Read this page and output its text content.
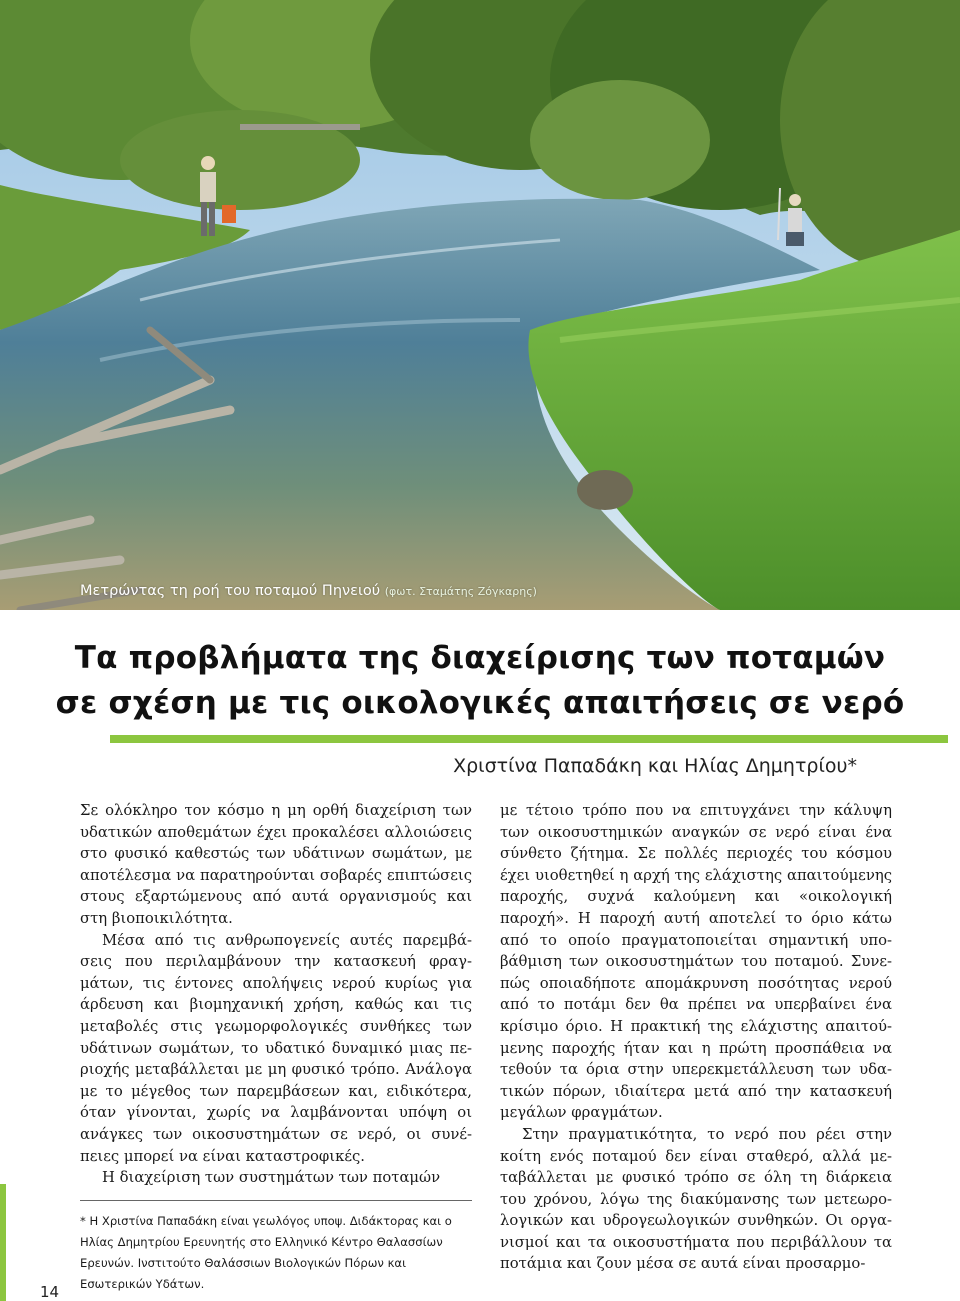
Μετρώντας τη ροή του ποταμού Πηνειού (φωτ. Σταμάτης Ζόγκαρης)
Τα προβλήματα της διαχείρισης των ποταμών
σε σχέση με τις οικολογικές απαιτήσεις σε νερό
Χριστίνα Παπαδάκη και Ηλίας Δημητρίου*

Σε ολόκληρο τον κόσμο η μη ορθή διαχείριση των υδατικών αποθεμάτων έχει προκαλέσει αλλοιώσεις στο φυσικό καθεστώς των υδάτινων σωμάτων, με αποτέλεσμα να παρατηρούνται σοβαρές επιπτώσεις στους εξαρτώμενους από αυτά οργανισμούς και στη βιοποικιλότητα.

Μέσα από τις ανθρωπογενείς αυτές παρεμβάσεις που περιλαμβάνουν την κατασκευή φραγμάτων, τις έντονες απολήψεις νερού κυρίως για άρδευση και βιομηχανική χρήση, καθώς και τις μεταβολές στις γεωμορφολογικές συνθήκες των υδάτινων σωμάτων, το υδατικό δυναμικό μιας περιοχής μεταβάλλεται με μη φυσικό τρόπο. Ανάλογα με το μέγεθος των παρεμβάσεων και, ειδικότερα, όταν γίνονται, χωρίς να λαμβάνονται υπόψη οι ανάγκες των οικοσυστημάτων σε νερό, οι συνέπειες μπορεί να είναι καταστροφικές.

Η διαχείριση των συστημάτων των ποταμών

* Η Χριστίνα Παπαδάκη είναι γεωλόγος υποψ. Διδάκτορας και ο Ηλίας Δημητρίου Ερευνητής στο Ελληνικό Κέντρο Θαλασσίων Ερευνών. Ινστιτούτο Θαλάσσιων Βιολογικών Πόρων και Εσωτερικών Υδάτων.

με τέτοιο τρόπο που να επιτυγχάνει την κάλυψη των οικοσυστημικών αναγκών σε νερό είναι ένα σύνθετο ζήτημα. Σε πολλές περιοχές του κόσμου έχει υιοθετηθεί η αρχή της ελάχιστης απαιτούμενης παροχής, συχνά καλούμενη και «οικολογική παροχή». Η παροχή αυτή αποτελεί το όριο κάτω από το οποίο πραγματοποιείται σημαντική υποβάθμιση των οικοσυστημάτων του ποταμού. Συνεπώς οποιαδήποτε απομάκρυνση ποσότητας νερού από το ποτάμι δεν θα πρέπει να υπερβαίνει ένα κρίσιμο όριο. Η πρακτική της ελάχιστης απαιτούμενης παροχής ήταν και η πρώτη προσπάθεια να τεθούν τα όρια στην υπερεκμετάλλευση των υδατικών πόρων, ιδιαίτερα μετά από την κατασκευή μεγάλων φραγμάτων.

Στην πραγματικότητα, το νερό που ρέει στην κοίτη ενός ποταμού δεν είναι σταθερό, αλλά μεταβάλλεται με φυσικό τρόπο σε όλη τη διάρκεια του χρόνου, λόγω της διακύμανσης των μετεωρολογικών και υδρογεωλογικών συνθηκών. Οι οργανισμοί και τα οικοσυστήματα που περιβάλλουν τα ποτάμια και ζουν μέσα σε αυτά είναι προσαρμο-

14
